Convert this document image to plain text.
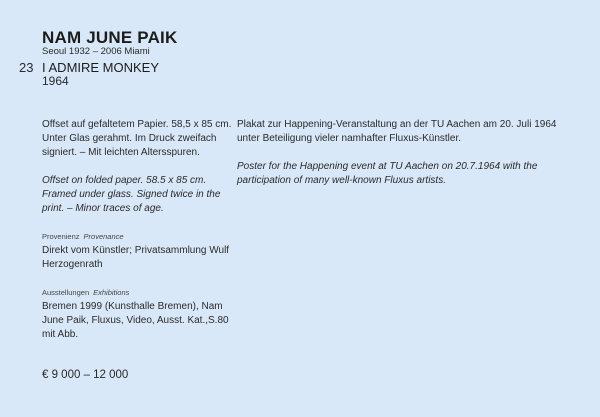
NAM JUNE PAIK
Seoul 1932 – 2006 Miami
23 I ADMIRE MONKEY
1964

Offset auf gefaltetem Papier. 58,5 x 85 cm. Unter Glas gerahmt. Im Druck zweifach signiert. – Mit leichten Altersspuren.

Offset on folded paper. 58.5 x 85 cm. Framed under glass. Signed twice in the print. – Minor traces of age.

Provenienz Provenance

Direkt vom Künstler; Privatsammlung Wulf Herzogenrath

Ausstellungen Exhibitions

Bremen 1999 (Kunsthalle Bremen), Nam June Paik, Fluxus, Video, Ausst. Kat.,S.80 mit Abb.

€ 9 000 – 12 000

Plakat zur Happening-Veranstaltung an der TU Aachen am 20. Juli 1964 unter Beteiligung vieler namhafter Fluxus-Künstler.

Poster for the Happening event at TU Aachen on 20.7.1964 with the participation of many well-known Fluxus artists.
